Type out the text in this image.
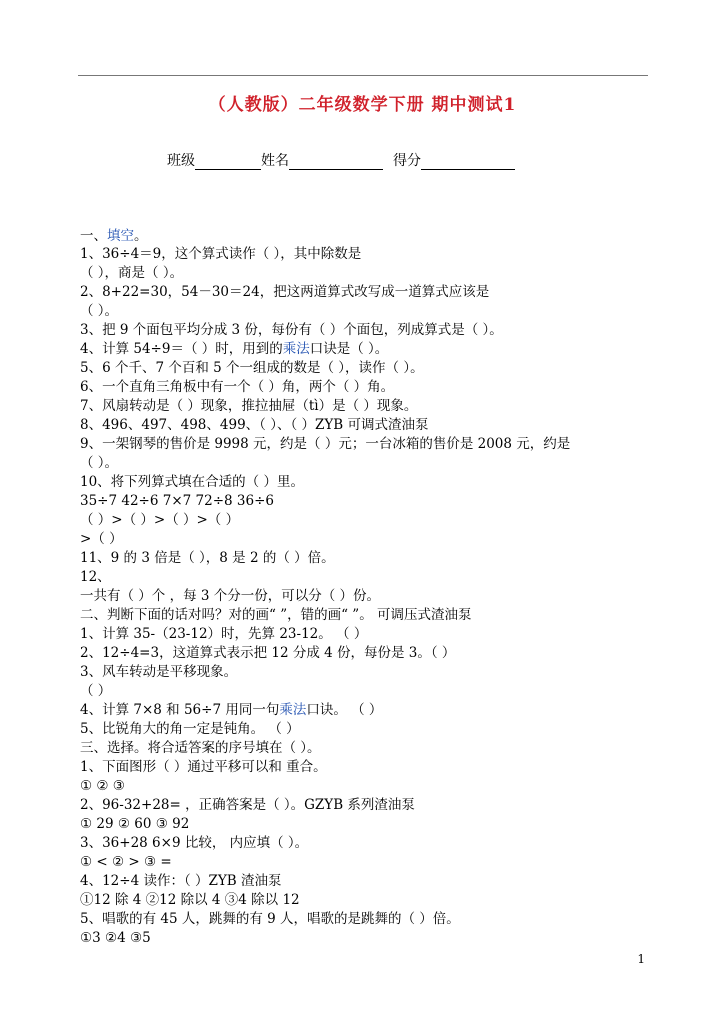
（人教版）二年级数学下册 期中测试1
班级	姓名	得分
一、填空。
1、36÷4＝9，这个算式读作（ ），其中除数是
（ ），商是（ ）。
2、8+22=30，54－30＝24，把这两道算式改写成一道算式应该是
（ ）。
3、把 9 个面包平均分成 3 份，每份有（ ）个面包，列成算式是（ ）。
4、计算 54÷9＝（ ）时，用到的乘法口诀是（ ）。
5、6 个千、7 个百和 5 个一组成的数是（ ），读作（ ）。
6、一个直角三角板中有一个（ ）角，两个（ ）角。
7、风扇转动是（ ）现象，推拉抽屉（tì）是（ ）现象。
8、496、497、498、499、（ ）、（ ）ZYB 可调式渣油泵
9、一架钢琴的售价是 9998 元，约是（ ）元；一台冰箱的售价是 2008 元，约是
（ ）。
10、将下列算式填在合适的（ ）里。
35÷7 42÷6 7×7 72÷8 36÷6
（ ）>（ ）>（ ）>（ ）
>（ ）
11、9 的 3 倍是（ ），8 是 2 的（ ）倍。
12、
一共有（ ）个 ，每 3 个分一份，可以分（ ）份。
二、判断下面的话对吗？对的画“ ”，错的画“ ”。 可调压式渣油泵
1、计算 35-（23-12）时，先算 23-12。 （ ）
2、12÷4=3，这道算式表示把 12 分成 4 份，每份是 3。（ ）
3、风车转动是平移现象。
（ ）
4、计算 7×8 和 56÷7 用同一句乘法口诀。 （ ）
5、比锐角大的角一定是钝角。 （ ）
三、选择。将合适答案的序号填在（ ）。
1、下面图形（ ）通过平移可以和 重合。
① ② ③
2、96-32+28= ，正确答案是（ ）。GZYB 系列渣油泵
① 29 ② 60 ③ 92
3、36+28 6×9 比较， 内应填（ ）。
① < ② > ③ =
4、12÷4 读作：（ ）ZYB 渣油泵
①12 除 4 ②12 除以 4 ③4 除以 12
5、唱歌的有 45 人，跳舞的有 9 人，唱歌的是跳舞的（ ）倍。
①3 ②4 ③5
1
